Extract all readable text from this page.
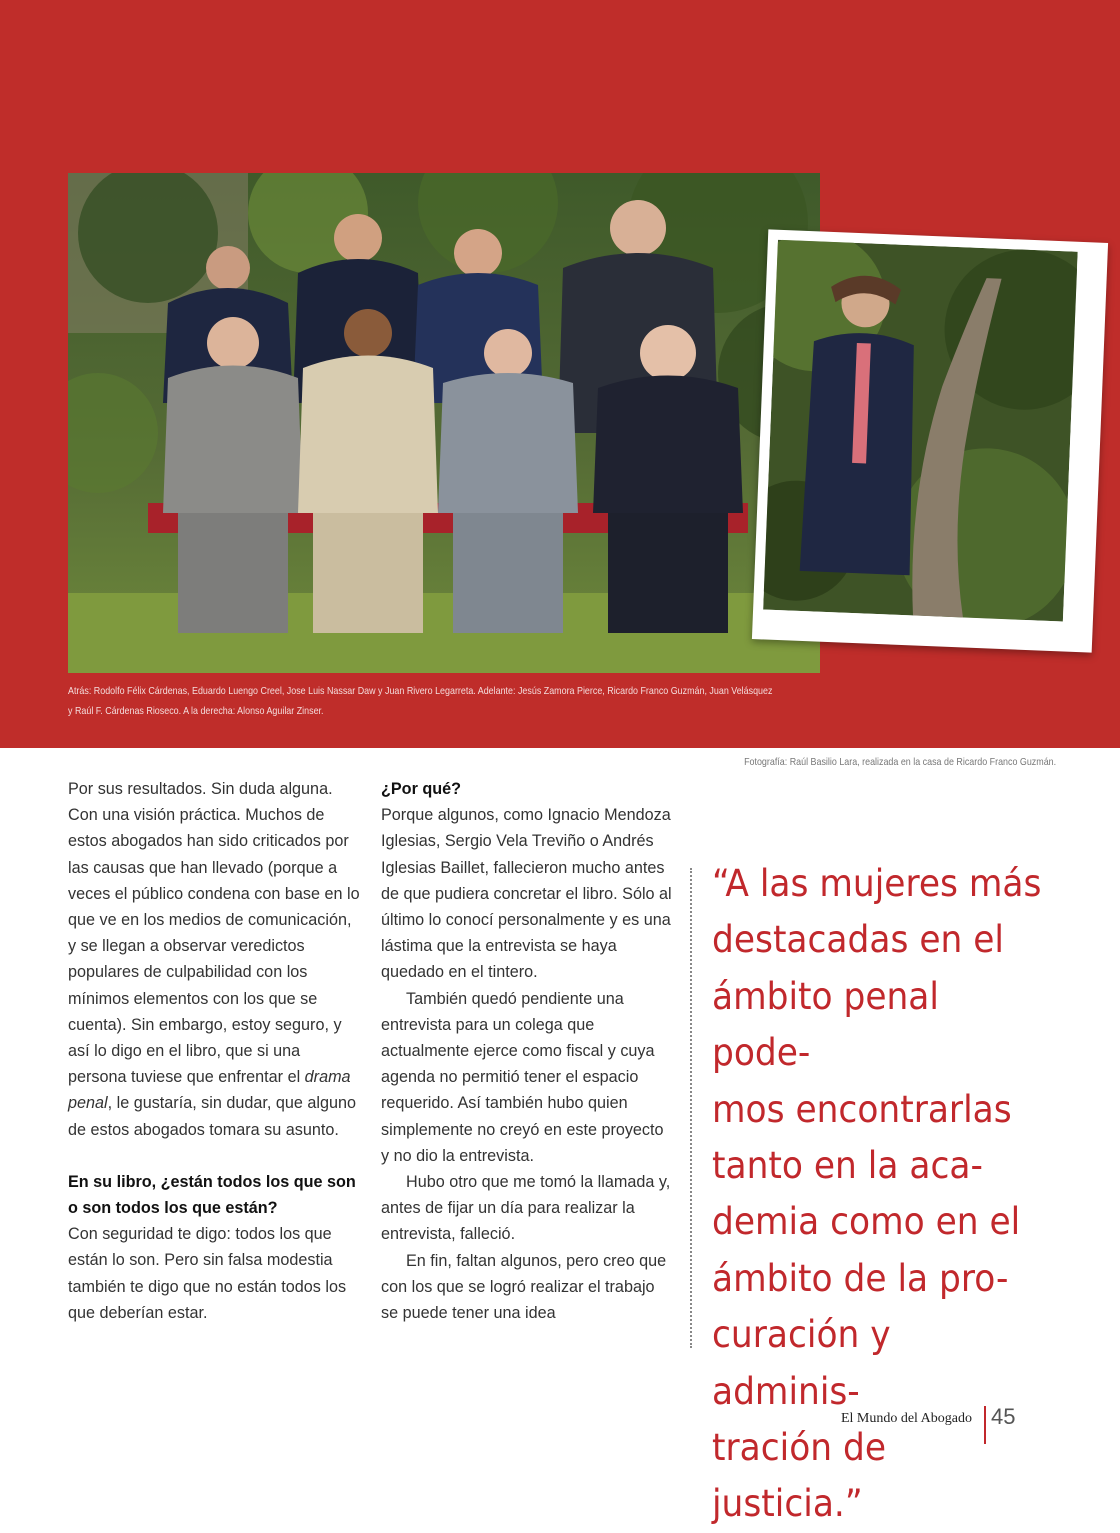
Atrás: Rodolfo Félix Cárdenas, Eduardo Luengo Creel, Jose Luis Nassar Daw y Juan Rivero Legarreta. Adelante: Jesús Zamora Pierce, Ricardo Franco Guzmán, Juan Velásquez
y Raúl F. Cárdenas Rioseco. A la derecha: Alonso Aguilar Zinser.
Fotografía: Raúl Basilio Lara, realizada en la casa de Ricardo Franco Guzmán.

Por sus resultados. Sin duda alguna. Con una visión práctica. Muchos de estos abogados han sido criticados por las causas que han llevado (porque a veces el público condena con base en lo que ve en los medios de comunicación, y se llegan a observar veredictos populares de culpabilidad con los mínimos elementos con los que se cuenta). Sin embargo, estoy seguro, y así lo digo en el libro, que si una persona tuviese que enfrentar el drama penal, le gustaría, sin dudar, que alguno de estos abogados tomara su asunto.

En su libro, ¿están todos los que son o son todos los que están?

Con seguridad te digo: todos los que están lo son. Pero sin falsa modestia también te digo que no están todos los que deberían estar.

¿Por qué?

Porque algunos, como Ignacio Mendoza Iglesias, Sergio Vela Treviño o Andrés Iglesias Baillet, fallecieron mucho antes de que pudiera concretar el libro. Sólo al último lo conocí personalmente y es una lástima que la entrevista se haya quedado en el tintero.

También quedó pendiente una entrevista para un colega que actualmente ejerce como fiscal y cuya agenda no permitió tener el espacio requerido. Así también hubo quien simplemente no creyó en este proyecto y no dio la entrevista.

Hubo otro que me tomó la llamada y, antes de fijar un día para realizar la entrevista, falleció.

En fin, faltan algunos, pero creo que con los que se logró realizar el trabajo se puede tener una idea

“A las mujeres más

destacadas en el

ámbito penal pode-

mos encontrarlas

tanto en la aca-

demia como en el

ámbito de la pro-

curación y adminis-

tración de justicia.”

El Mundo del Abogado 45
